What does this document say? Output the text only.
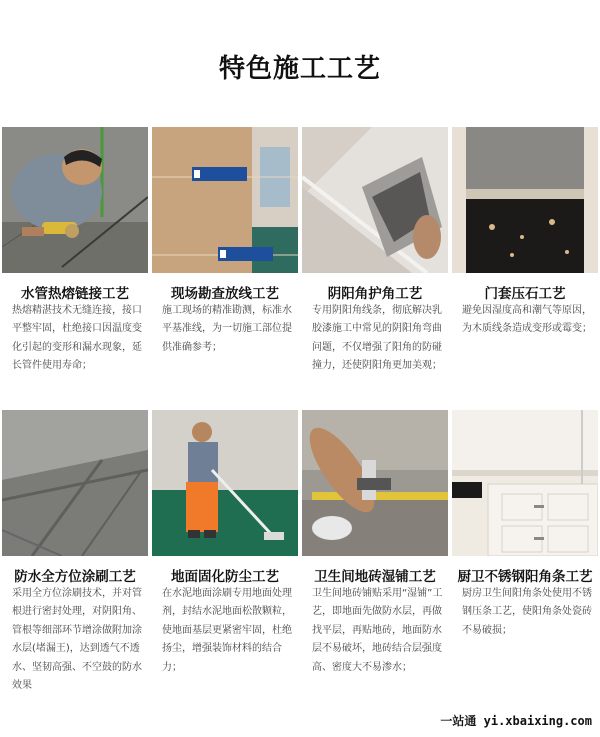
特色施工工艺
水管热熔链接工艺
热熔精湛技术无缝连接，接口平整牢固，杜绝接口因温度变化引起的变形和漏水现象，延长管件使用寿命；
现场勘查放线工艺
施工现场的精准勘测，标准水平基准线，为一切施工部位提供准确参考；
阴阳角护角工艺
专用阴阳角线条，彻底解决乳胶漆施工中常见的阴阳角弯曲问题，不仅增强了阳角的防碰撞力，还使阴阳角更加美观；
门套压石工艺
避免因湿度高和潮气等原因，为木质线条造成变形或霉变；
防水全方位涂刷工艺
采用全方位涂刷技术，并对管根进行密封处理，对阴阳角、管根等细部环节增涂做附加涂水层(堵漏王)，达到透气不透水、坚韧高强、不空鼓的防水效果
地面固化防尘工艺
在水泥地面涂刷专用地面处理剂，封结水泥地面松散颗粒，使地面基层更紧密牢固，杜绝扬尘，增强装饰材料的结合力；
卫生间地砖湿铺工艺
卫生间地砖铺贴采用“湿铺”工艺，即地面先做防水层，再做找平层，再贴地砖，地面防水层不易破坏，地砖结合层强度高、密度大不易渗水；
厨卫不锈钢阳角条工艺
厨房卫生间阳角条处使用不锈钢压条工艺，使阳角条处瓷砖不易破损；
一站通 yi.xbaixing.com
